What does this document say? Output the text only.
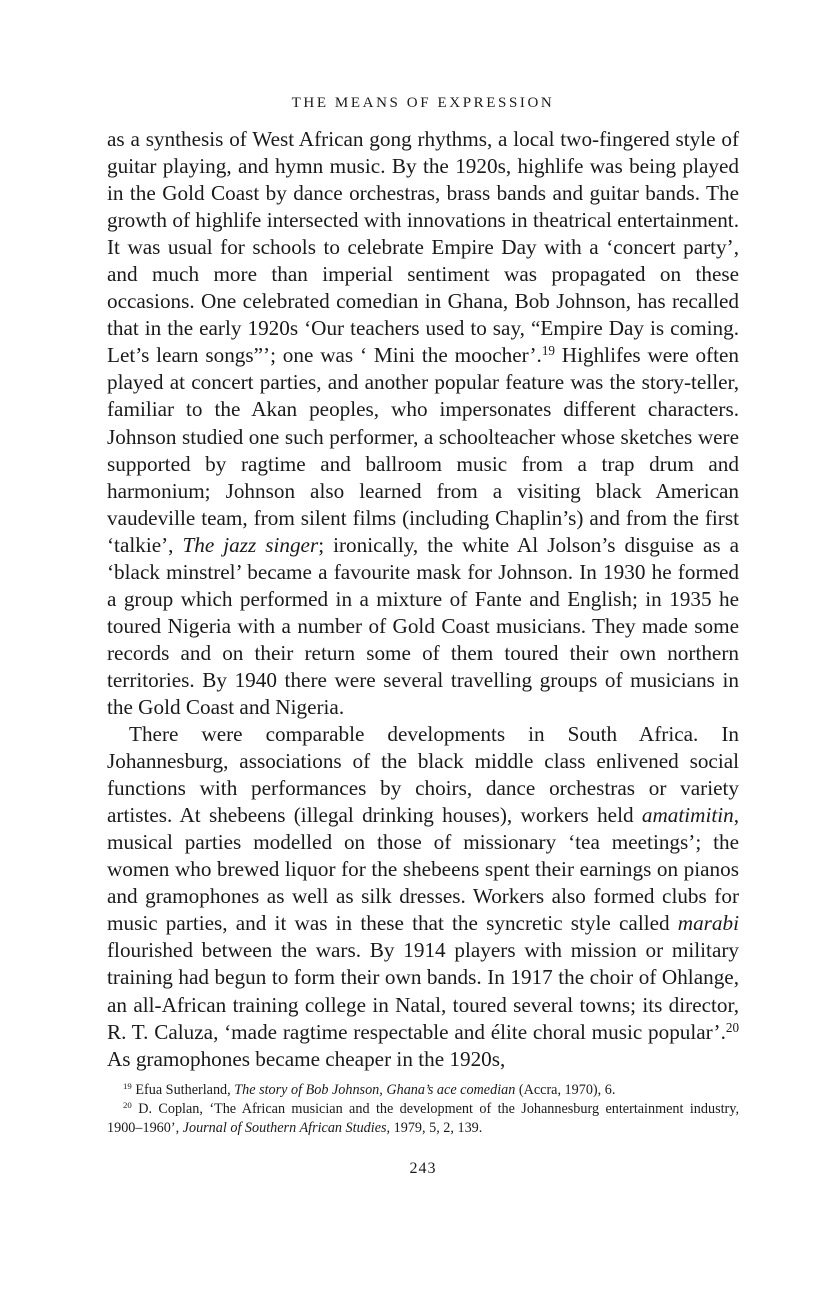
THE MEANS OF EXPRESSION

as a synthesis of West African gong rhythms, a local two-fingered style of guitar playing, and hymn music. By the 1920s, highlife was being played in the Gold Coast by dance orchestras, brass bands and guitar bands. The growth of highlife intersected with innovations in theatrical entertainment. It was usual for schools to celebrate Empire Day with a ‘concert party’, and much more than imperial sentiment was propagated on these occasions. One celebrated comedian in Ghana, Bob Johnson, has recalled that in the early 1920s ‘Our teachers used to say, “Empire Day is coming. Let’s learn songs”’; one was ‘ Mini the moocher’.$^{19}$ Highlifes were often played at concert parties, and another popular feature was the story-teller, familiar to the Akan peoples, who impersonates different characters. Johnson studied one such performer, a schoolteacher whose sketches were supported by ragtime and ballroom music from a trap drum and harmonium; Johnson also learned from a visiting black American vaudeville team, from silent films (including Chaplin’s) and from the first ‘talkie’, The jazz singer; ironically, the white Al Jolson’s disguise as a ‘black minstrel’ became a favourite mask for Johnson. In 1930 he formed a group which performed in a mixture of Fante and English; in 1935 he toured Nigeria with a number of Gold Coast musicians. They made some records and on their return some of them toured their own northern territories. By 1940 there were several travelling groups of musicians in the Gold Coast and Nigeria.

There were comparable developments in South Africa. In Johannesburg, associations of the black middle class enlivened social functions with performances by choirs, dance orchestras or variety artistes. At shebeens (illegal drinking houses), workers held amatimitin, musical parties modelled on those of missionary ‘tea meetings’; the women who brewed liquor for the shebeens spent their earnings on pianos and gramophones as well as silk dresses. Workers also formed clubs for music parties, and it was in these that the syncretic style called marabi flourished between the wars. By 1914 players with mission or military training had begun to form their own bands. In 1917 the choir of Ohlange, an all-African training college in Natal, toured several towns; its director, R. T. Caluza, ‘made ragtime respectable and élite choral music popular’.$^{20}$ As gramophones became cheaper in the 1920s,

$^{19}$ Efua Sutherland, The story of Bob Johnson, Ghana’s ace comedian (Accra, 1970), 6.

$^{20}$ D. Coplan, ‘The African musician and the development of the Johannesburg entertainment industry, 1900–1960’, Journal of Southern African Studies, 1979, 5, 2, 139.

243
